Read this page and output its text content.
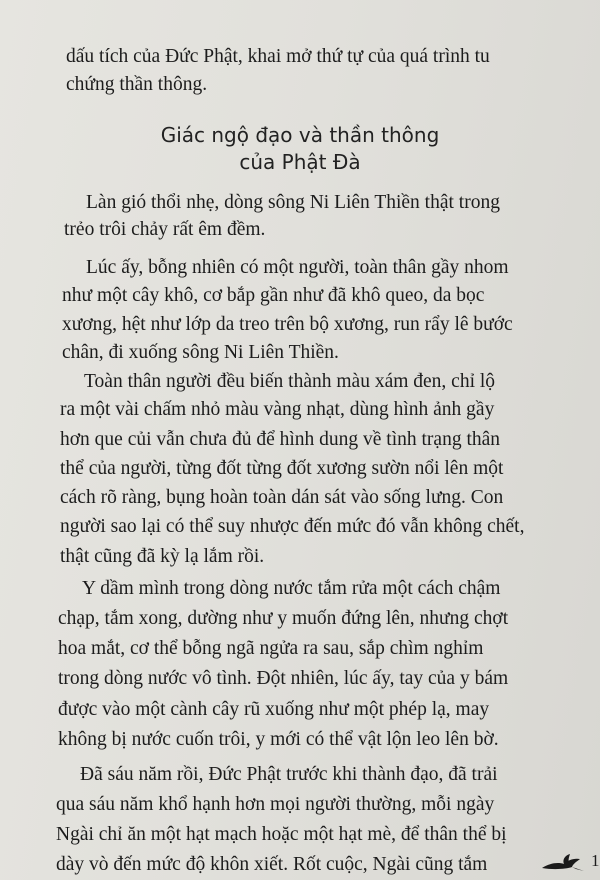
dấu tích của Đức Phật, khai mở thứ tự của quá trình tu

chứng thần thông.

Giác ngộ đạo và thần thông
của Phật Đà

Làn gió thổi nhẹ, dòng sông Ni Liên Thiền thật trong

trẻo trôi chảy rất êm đềm.

Lúc ấy, bỗng nhiên có một người, toàn thân gầy nhom

như một cây khô, cơ bắp gần như đã khô queo, da bọc

xương, hệt như lớp da treo trên bộ xương, run rẩy lê bước

chân, đi xuống sông Ni Liên Thiền.

Toàn thân người đều biến thành màu xám đen, chỉ lộ

ra một vài chấm nhỏ màu vàng nhạt, dùng hình ảnh gầy

hơn que củi vẫn chưa đủ để hình dung về tình trạng thân

thể của người, từng đốt từng đốt xương sườn nổi lên một

cách rõ ràng, bụng hoàn toàn dán sát vào sống lưng. Con

người sao lại có thể suy nhược đến mức đó vẫn không chết,

thật cũng đã kỳ lạ lắm rồi.

Y dầm mình trong dòng nước tắm rửa một cách chậm

chạp, tắm xong, dường như y muốn đứng lên, nhưng chợt

hoa mắt, cơ thể bỗng ngã ngửa ra sau, sắp chìm nghỉm

trong dòng nước vô tình. Đột nhiên, lúc ấy, tay của y bám

được vào một cành cây rũ xuống như một phép lạ, may

không bị nước cuốn trôi, y mới có thể vật lộn leo lên bờ.

Đã sáu năm rồi, Đức Phật trước khi thành đạo, đã trải

qua sáu năm khổ hạnh hơn mọi người thường, mỗi ngày

Ngài chỉ ăn một hạt mạch hoặc một hạt mè, để thân thể bị

dày vò đến mức độ khôn xiết. Rốt cuộc, Ngài cũng tắm	1
